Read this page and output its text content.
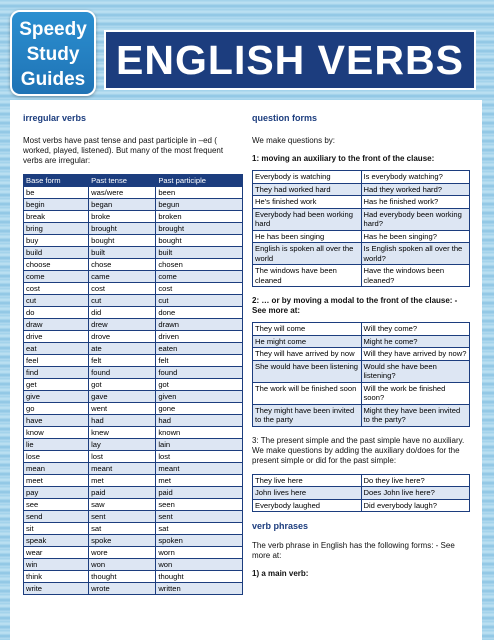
Speedy
Study
Guides ENGLISH VERBS
irregular verbs
Most verbs have past tense and past participle in –ed ( worked, played, listened). But many of the most frequent verbs are irregular:
Base form	Past tense	Past participle
be	was/were	been
begin	began	begun
break	broke	broken
bring	brought	brought
buy	bought	bought
build	built	built
choose	chose	chosen
come	came	come
cost	cost	cost
cut	cut	cut
do	did	done
draw	drew	drawn
drive	drove	driven
eat	ate	eaten
feel	felt	felt
find	found	found
get	got	got
give	gave	given
go	went	gone
have	had	had
know	knew	known
lie	lay	lain
lose	lost	lost
mean	meant	meant
meet	met	met
pay	paid	paid
see	saw	seen
send	sent	sent
sit	sat	sat
speak	spoke	spoken
wear	wore	worn
win	won	won
think	thought	thought
write	wrote	written
question forms
We make questions by:
1: moving an auxiliary to the front of the clause:
Everybody is watching	Is everybody watching?
They had worked hard	Had they worked hard?
He's finished work	Has he finished work?
Everybody had been working hard	Had everybody been working hard?
He has been singing	Has he been singing?
English is spoken all over the world	Is English spoken all over the world?
The windows have been cleaned	Have the windows been cleaned?
2: … or by moving a modal to the front of the clause: - See more at:
They will come	Will they come?
He might come	Might he come?
They will have arrived by now	Will they have arrived by now?
She would have been listening	Would she have been listening?
The work will be finished soon	Will the work be finished soon?
They might have been invited to the party	Might they have been invited to the party?
3: The present simple and the past simple have no auxiliary. We make questions by adding the auxiliary do/does for the present simple or did for the past simple:
They live here	Do they live here?
John lives here	Does John live here?
Everybody laughed	Did everybody laugh?
verb phrases
The verb phrase in English has the following forms: - See more at:
1) a main verb:
